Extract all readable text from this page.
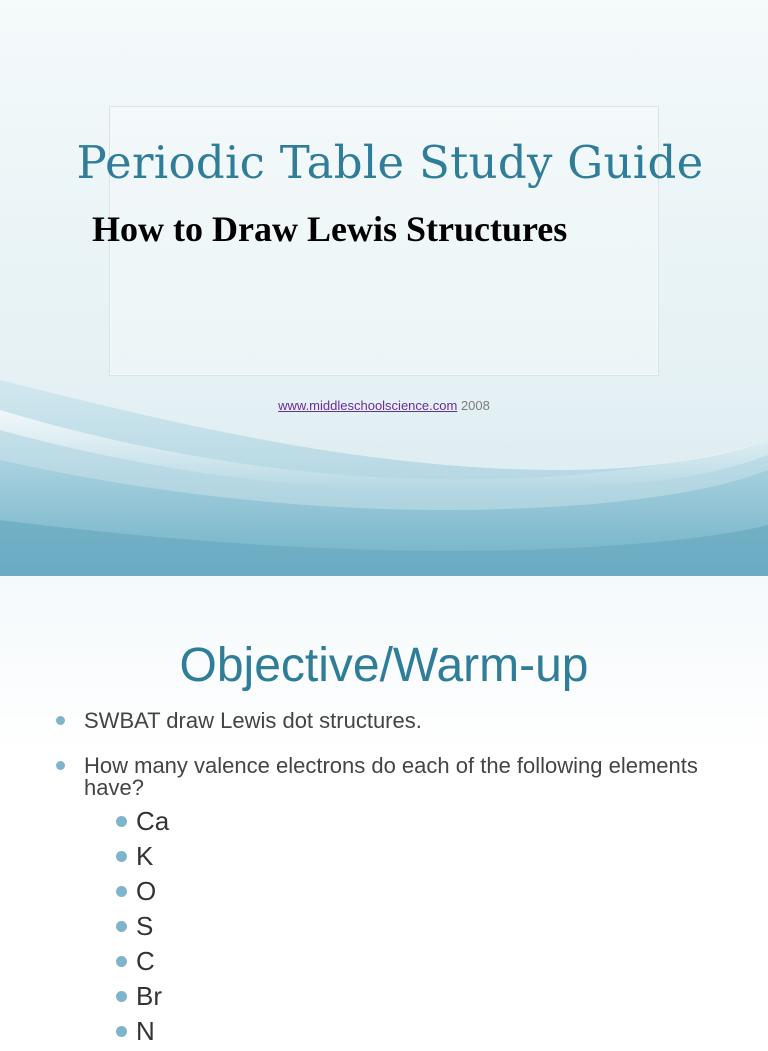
Periodic Table Study Guide
How to Draw Lewis Structures
www.middleschoolscience.com 2008
Objective/Warm-up
SWBAT draw Lewis dot structures.
How many valence electrons do each of the following elements have?
Ca
K
O
S
C
Br
N
